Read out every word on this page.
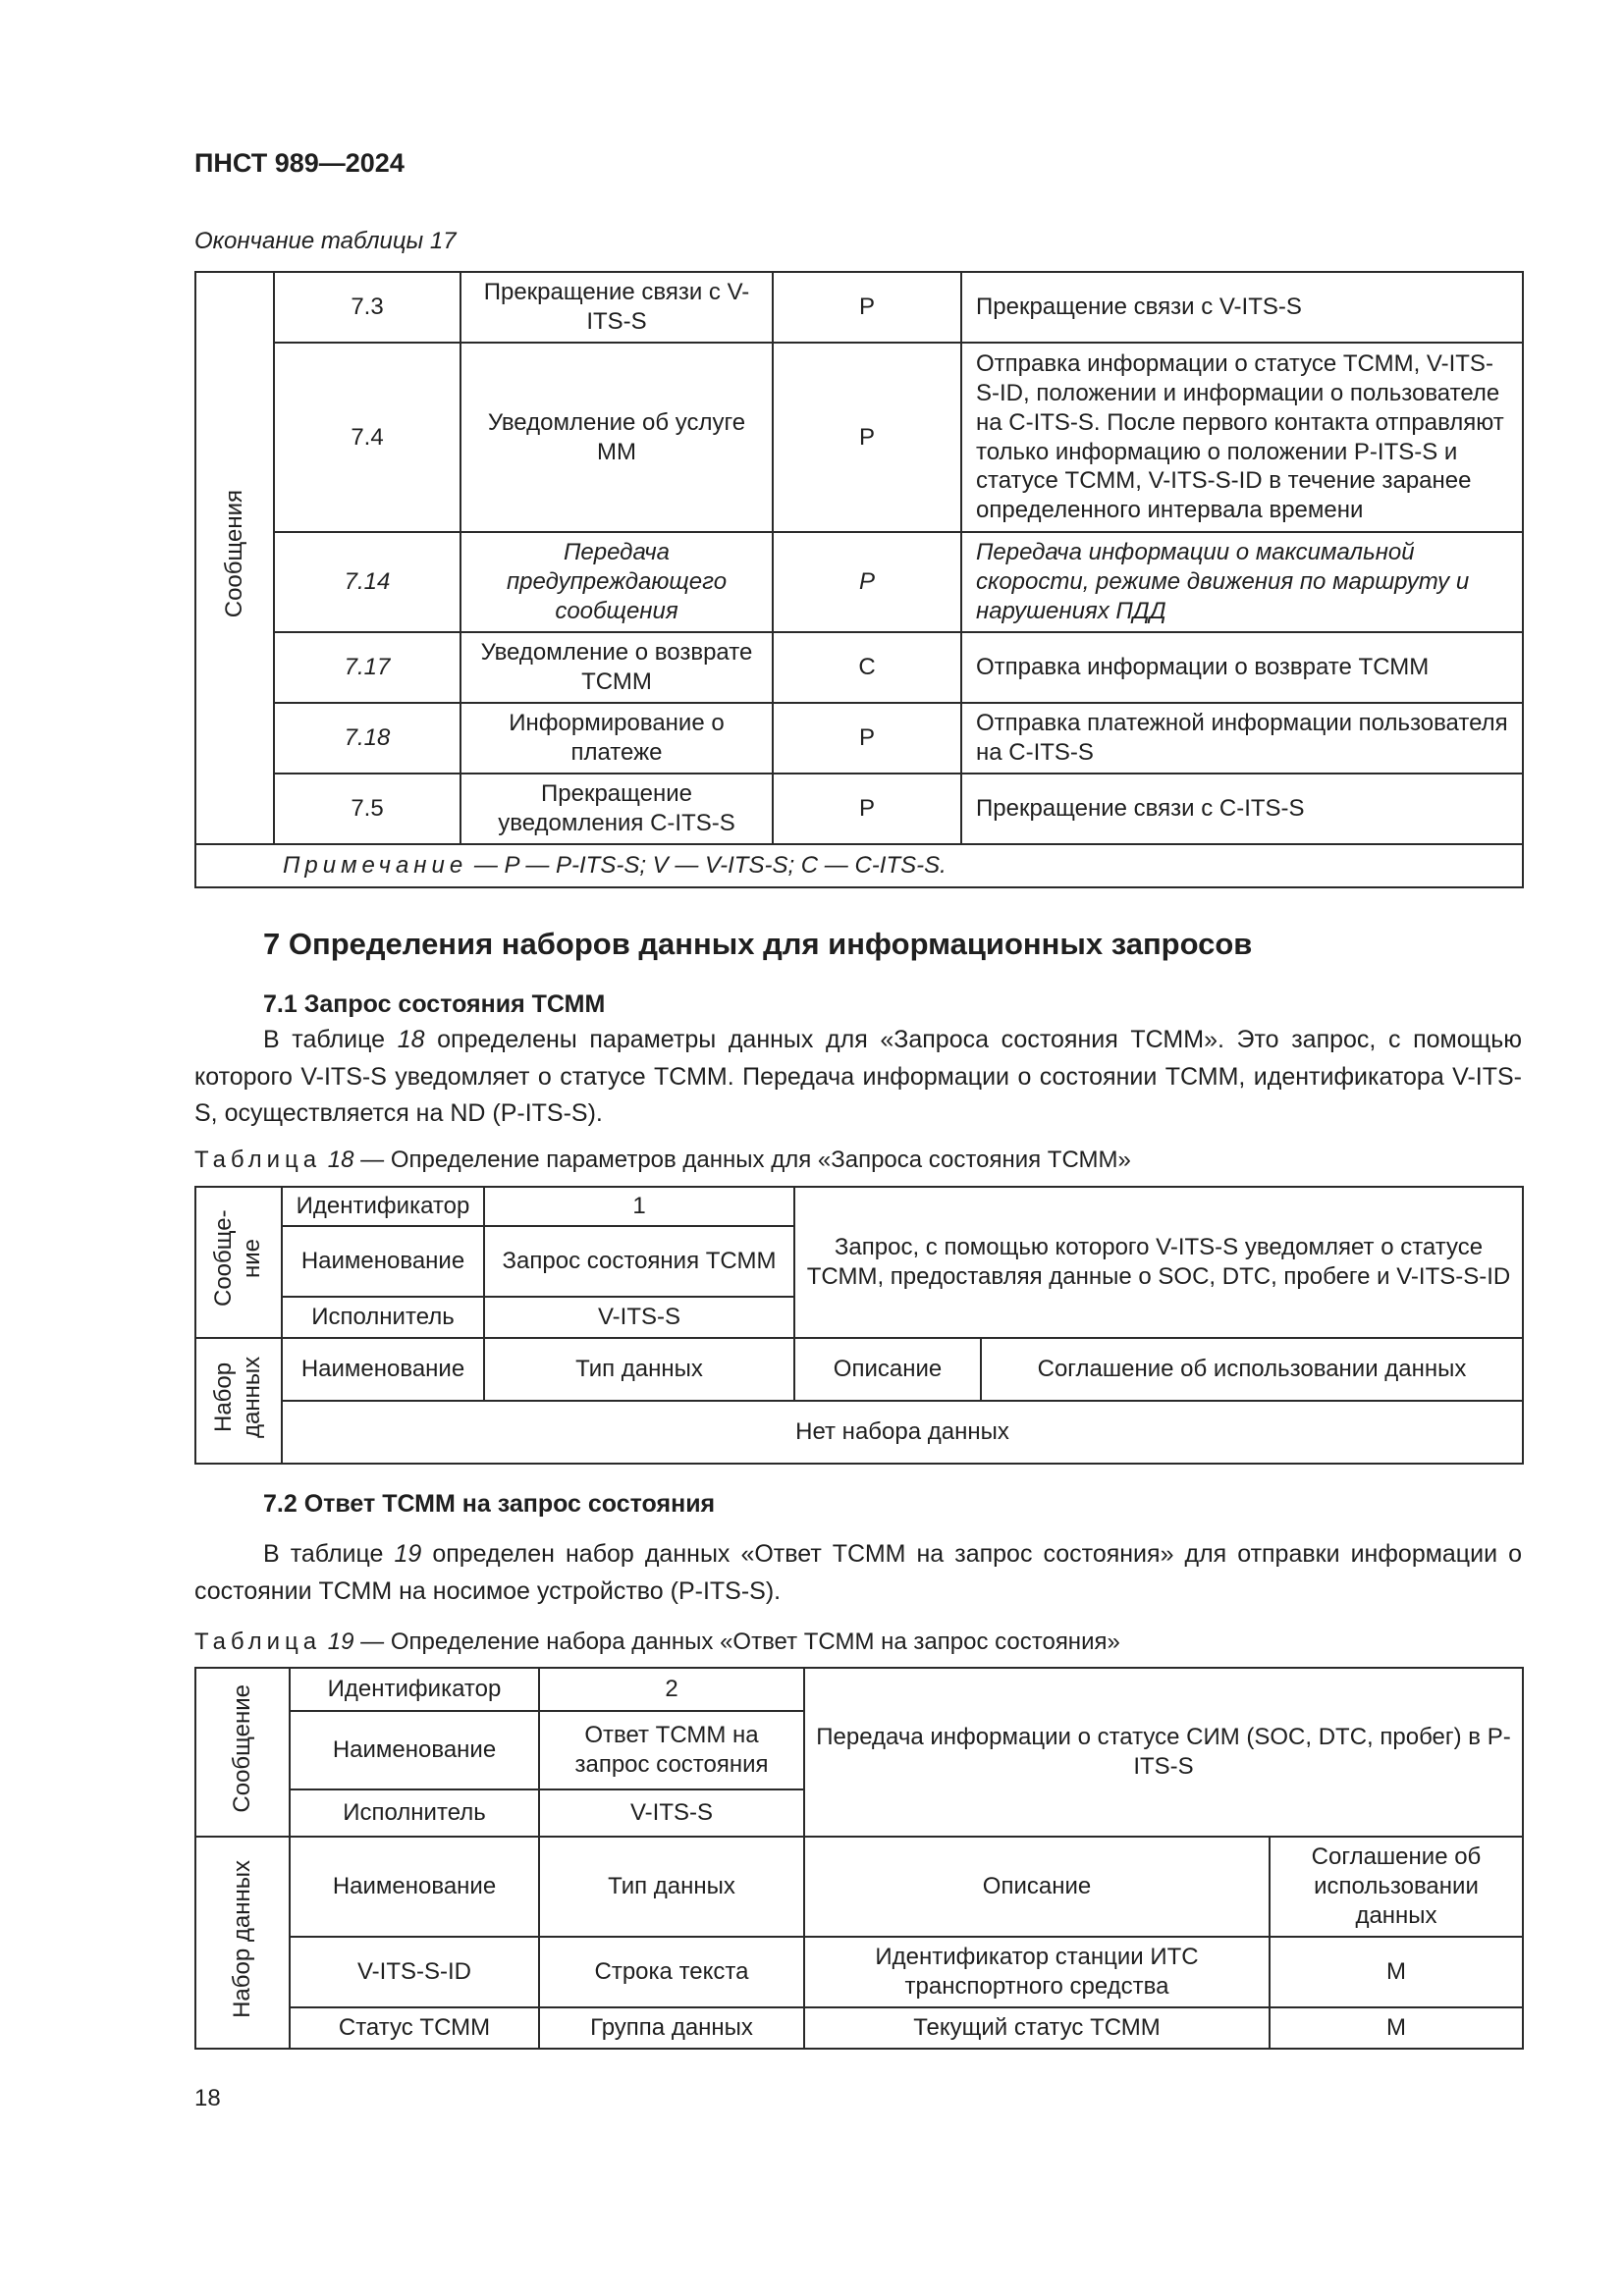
ПНСТ 989—2024
Окончание таблицы 17
Сообщения	7.3	Прекращение связи с V-ITS-S	P	Прекращение связи с V-ITS-S
	7.4	Уведомление об услуге ММ	P	Отправка информации о статусе ТСММ, V-ITS-S-ID, положении и информации о пользователе на C-ITS-S. После первого контакта отправляют только информацию о положении P-ITS-S и статусе ТСММ, V-ITS-S-ID в течение заранее определенного интервала времени
	7.14	Передача предупреждающего сообщения	P	Передача информации о максимальной скорости, режиме движения по маршруту и нарушениях ПДД
	7.17	Уведомление о возврате ТСММ	C	Отправка информации о возврате ТСММ
	7.18	Информирование о платеже	P	Отправка платежной информации пользователя на C-ITS-S
	7.5	Прекращение уведомления C-ITS-S	P	Прекращение связи с C-ITS-S
Примечание — P — P-ITS-S; V — V-ITS-S; C — C-ITS-S.				
7 Определения наборов данных для информационных запросов
7.1 Запрос состояния ТСММ
В таблице 18 определены параметры данных для «Запроса состояния ТСММ». Это запрос, с помощью которого V-ITS-S уведомляет о статусе ТСММ. Передача информации о состоянии ТСММ, идентификатора V-ITS-S, осуществляется на ND (P-ITS-S).
Таблица 18 — Определение параметров данных для «Запроса состояния ТСММ»
Сообще-ние	Идентификатор	1	Запрос, с помощью которого V-ITS-S уведомляет о статусе ТСММ, предоставляя данные о SOC, DTC, пробеге и V-ITS-S-ID	
	Наименование	Запрос состояния ТСММ		
	Исполнитель	V-ITS-S		
Набор данных	Наименование	Тип данных	Описание	Соглашение об использовании данных
	Нет набора данных			
7.2 Ответ ТСММ на запрос состояния
В таблице 19 определен набор данных «Ответ ТСММ на запрос состояния» для отправки информации о состоянии ТСММ на носимое устройство (P-ITS-S).
Таблица 19 — Определение набора данных «Ответ ТСММ на запрос состояния»
Сообщение	Идентификатор	2	Передача информации о статусе СИМ (SOC, DTC, пробег) в P-ITS-S	
	Наименование	Ответ ТСММ на запрос состояния		
	Исполнитель	V-ITS-S		
Набор данных	Наименование	Тип данных	Описание	Соглашение об использовании данных
	V-ITS-S-ID	Строка текста	Идентификатор станции ИТС транспортного средства	M
	Статус ТСММ	Группа данных	Текущий статус ТСММ	M
18
